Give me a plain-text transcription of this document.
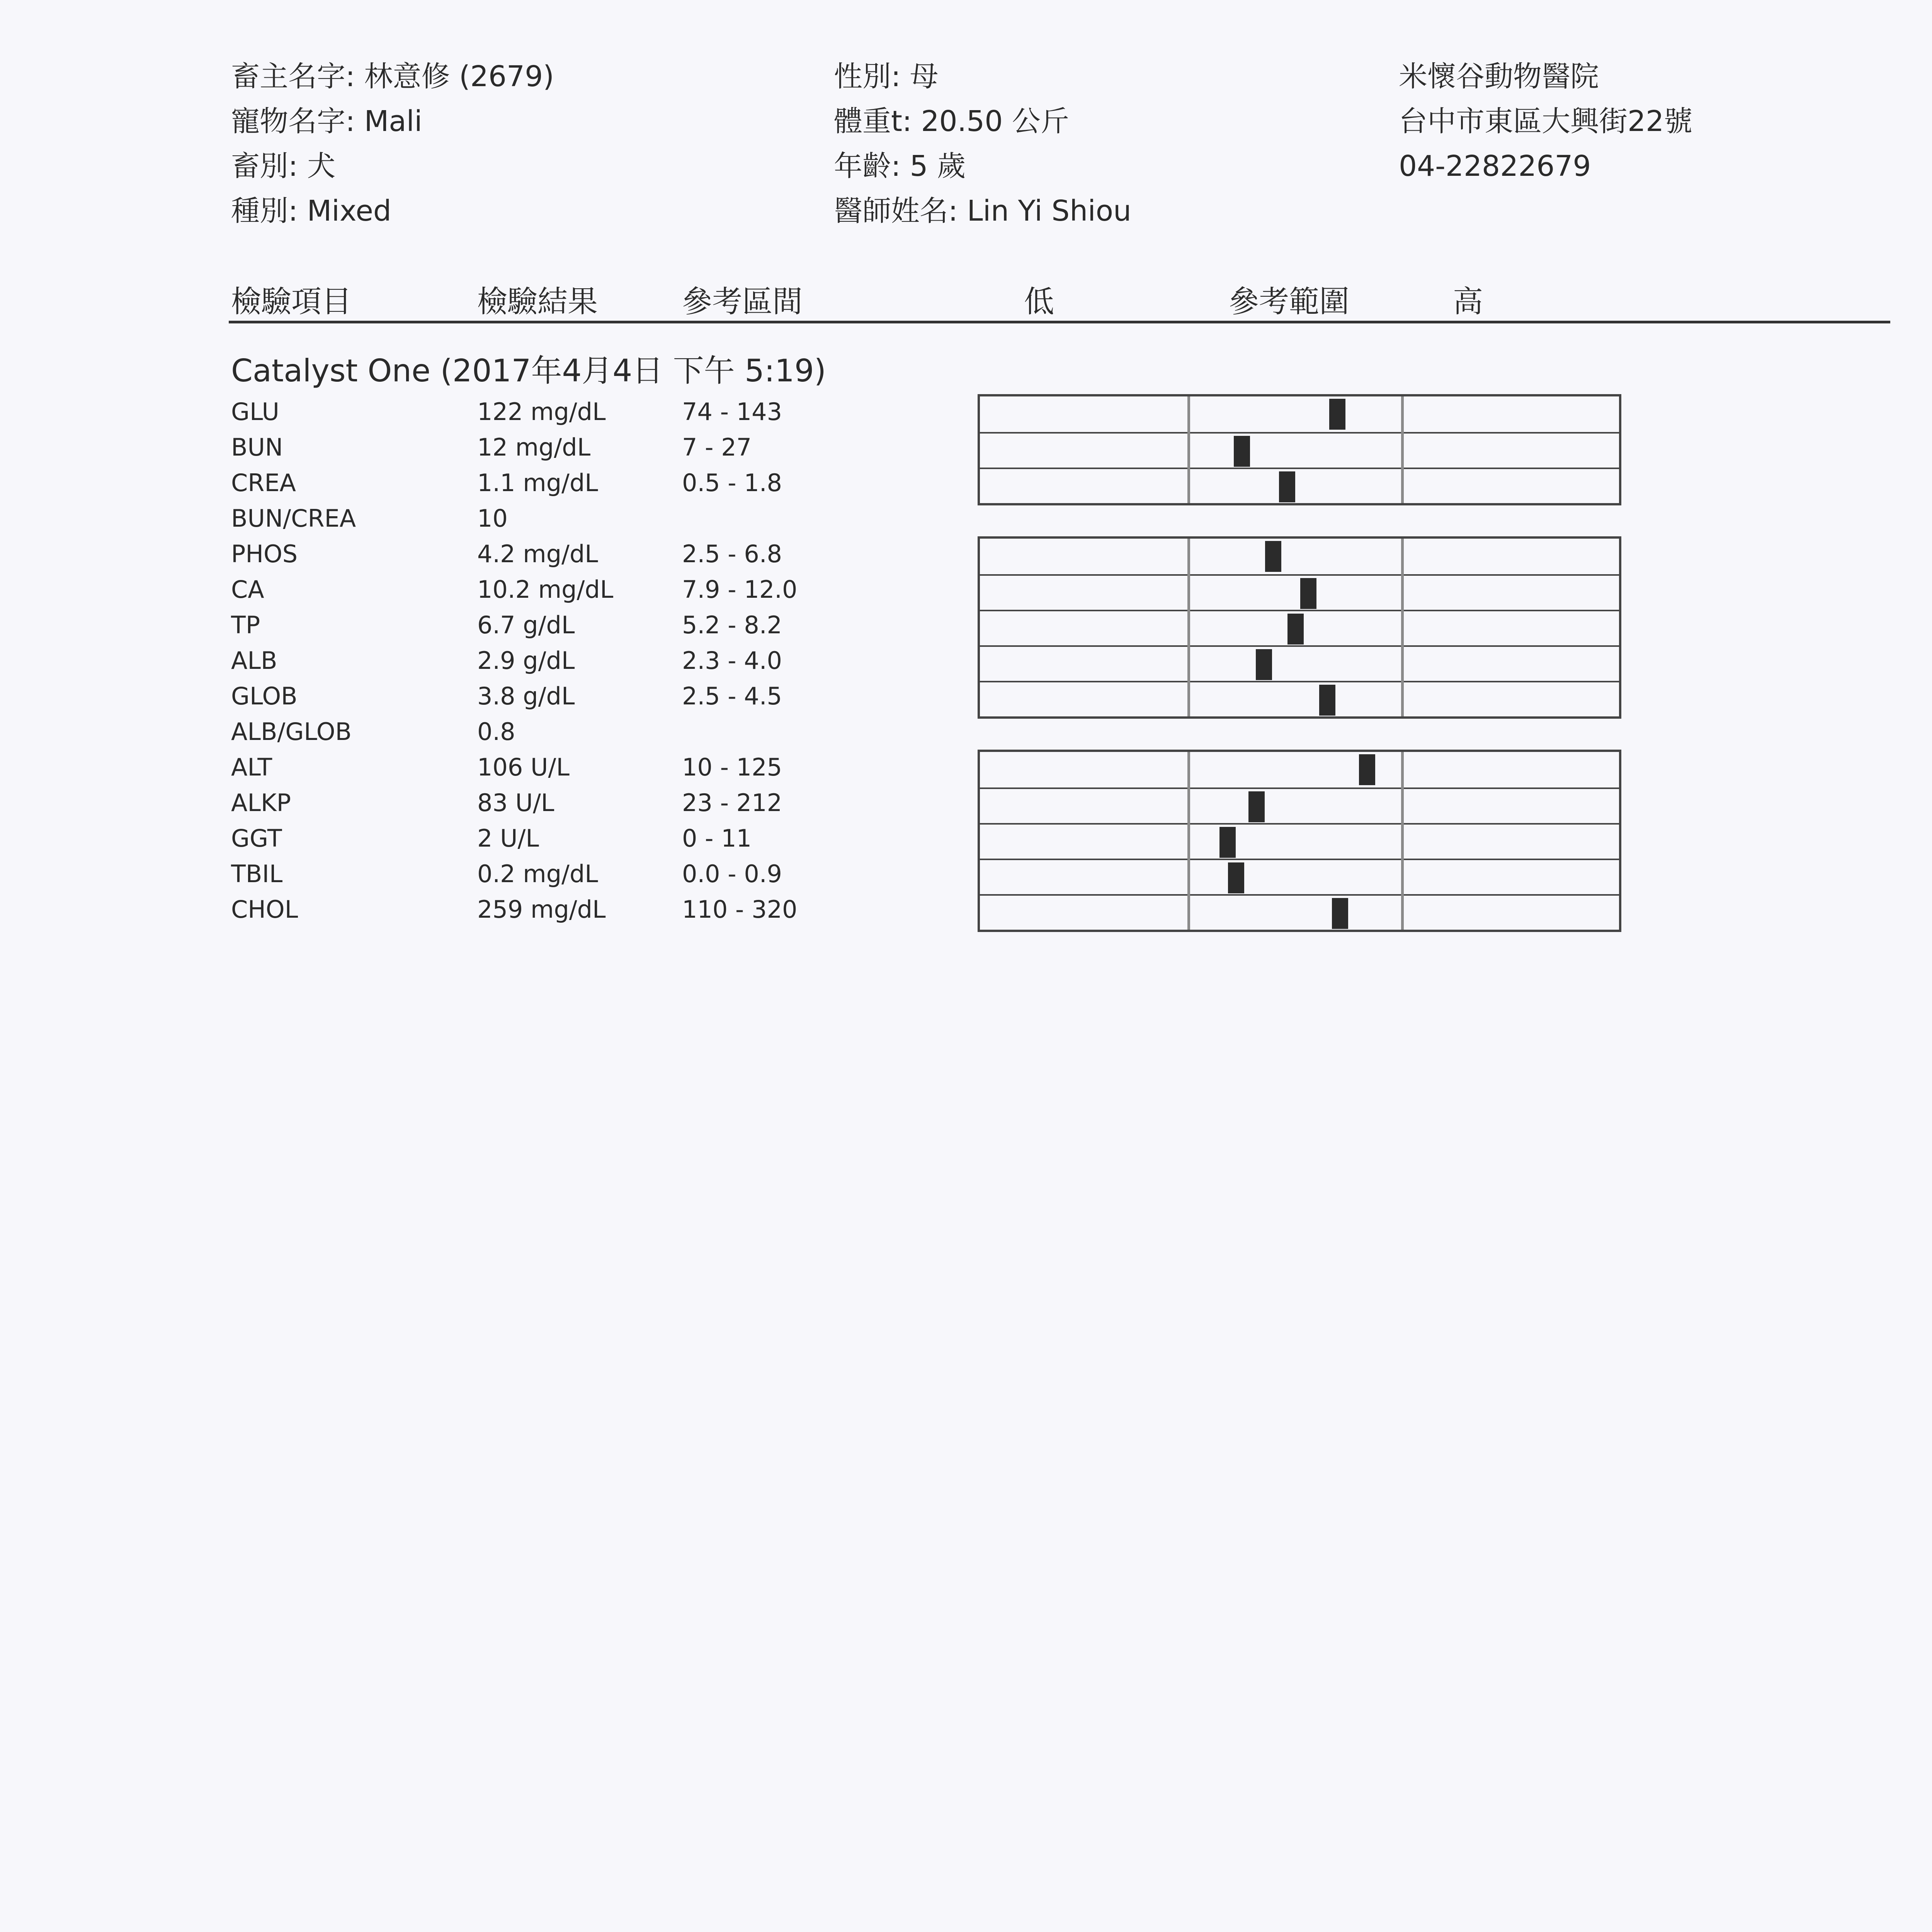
畜主名字: 林意修 (2679)
寵物名字: Mali
畜別: 犬
種別: Mixed
性別: 母
體重t: 20.50 公斤
年齡: 5 歲
醫師姓名: Lin Yi Shiou
米懷谷動物醫院
台中市東區大興街22號
04-22822679
檢驗項目	檢驗結果	參考區間	低	參考範圍	高
Catalyst One (2017年4月4日 下午 5:19)
GLU	122 mg/dL	74 - 143
BUN	12 mg/dL	7 - 27
CREA	1.1 mg/dL	0.5 - 1.8
BUN/CREA	10
PHOS	4.2 mg/dL	2.5 - 6.8
CA	10.2 mg/dL	7.9 - 12.0
TP	6.7 g/dL	5.2 - 8.2
ALB	2.9 g/dL	2.3 - 4.0
GLOB	3.8 g/dL	2.5 - 4.5
ALB/GLOB	0.8
ALT	106 U/L	10 - 125
ALKP	83 U/L	23 - 212
GGT	2 U/L	0 - 11
TBIL	0.2 mg/dL	0.0 - 0.9
CHOL	259 mg/dL	110 - 320
